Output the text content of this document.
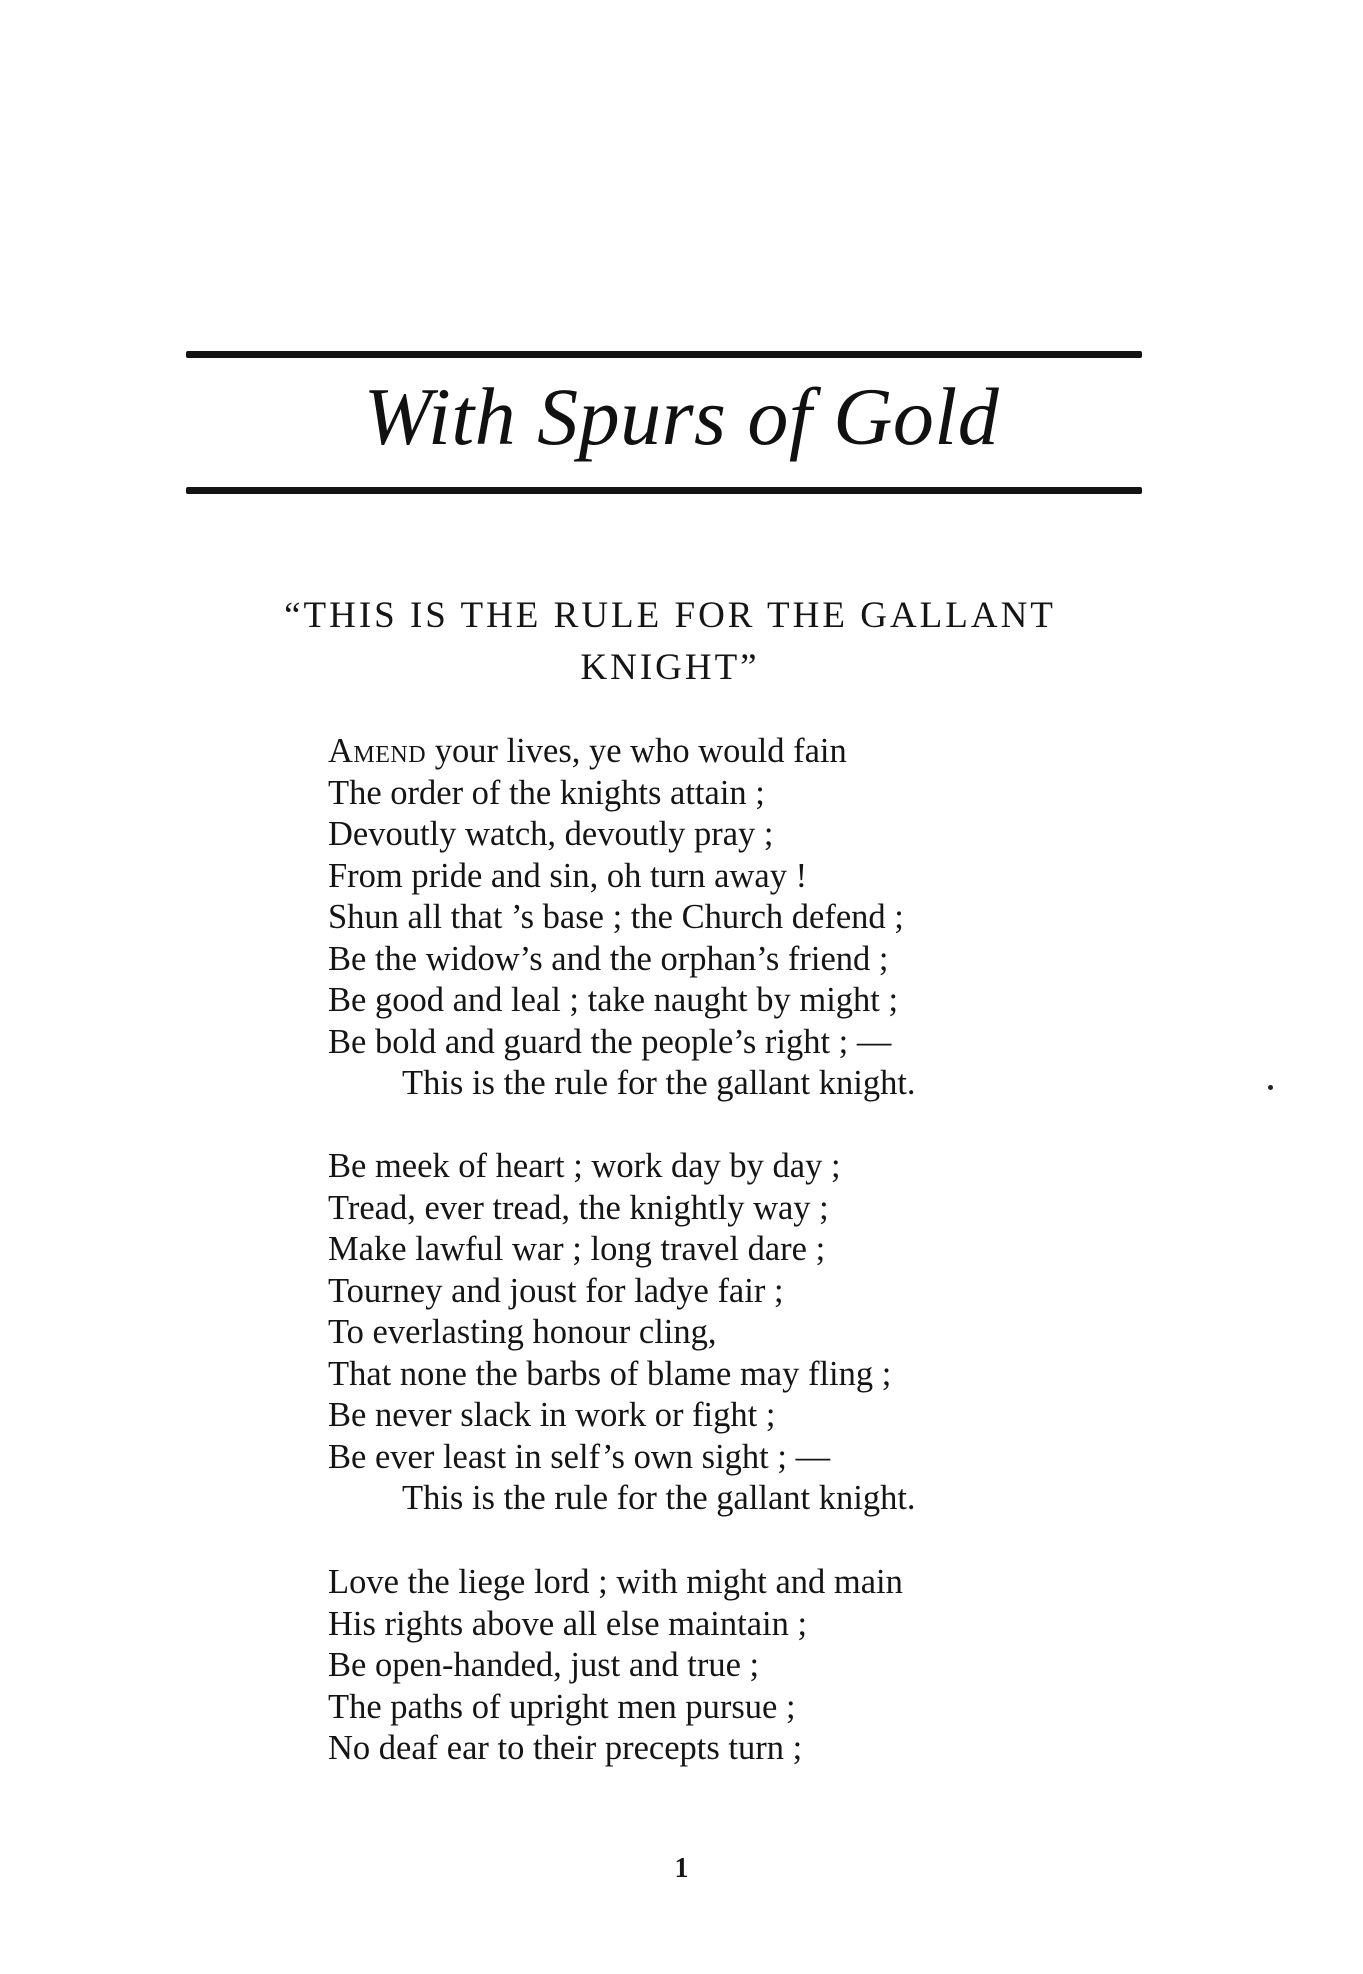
With Spurs of Gold
“THIS IS THE RULE FOR THE GALLANT
KNIGHT”
Amend your lives, ye who would fain
The order of the knights attain ;
Devoutly watch, devoutly pray ;
From pride and sin, oh turn away !
Shun all that ’s base ; the Church defend ;
Be the widow’s and the orphan’s friend ;
Be good and leal ; take naught by might ;
Be bold and guard the people’s right ; —
This is the rule for the gallant knight.
Be meek of heart ; work day by day ;
Tread, ever tread, the knightly way ;
Make lawful war ; long travel dare ;
Tourney and joust for ladye fair ;
To everlasting honour cling,
That none the barbs of blame may fling ;
Be never slack in work or fight ;
Be ever least in self’s own sight ; —
This is the rule for the gallant knight.
Love the liege lord ; with might and main
His rights above all else maintain ;
Be open-handed, just and true ;
The paths of upright men pursue ;
No deaf ear to their precepts turn ;
1
